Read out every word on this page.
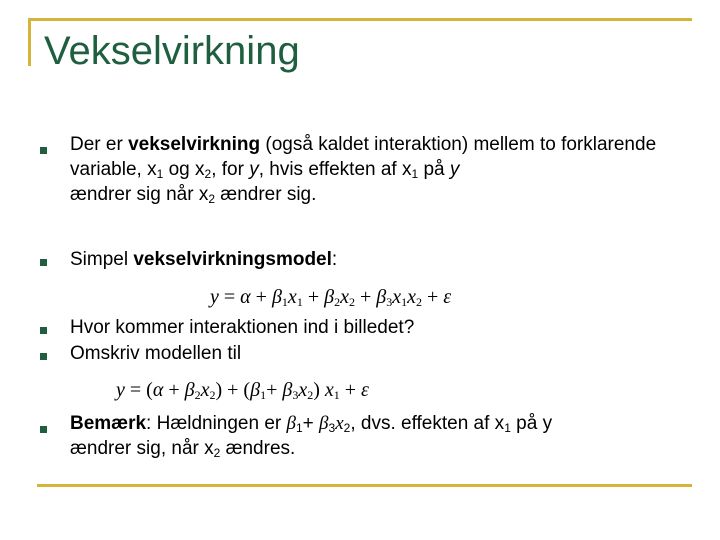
Vekselvirkning
Der er vekselvirkning (også kaldet interaktion) mellem to forklarende variable, $x_1$ og $x_2$, for y, hvis effekten af $x_1$ på y
ændrer sig når $x_2$ ændrer sig.
Simpel vekselvirkningsmodel:
$y = \alpha + \beta_1x_1 + \beta_2x_2 + \beta_3x_1x_2 + \varepsilon$
Hvor kommer interaktionen ind i billedet?
Omskriv modellen til
$y = (\alpha + \beta_2x_2) + (\beta_1+ \beta_3x_2)$ $x_1 + \varepsilon$
Bemærk: Hældningen er $\beta_1+ \beta_3x_2$, dvs. effekten af $x_1$ på y
ændrer sig, når $x_2$ ændres.
